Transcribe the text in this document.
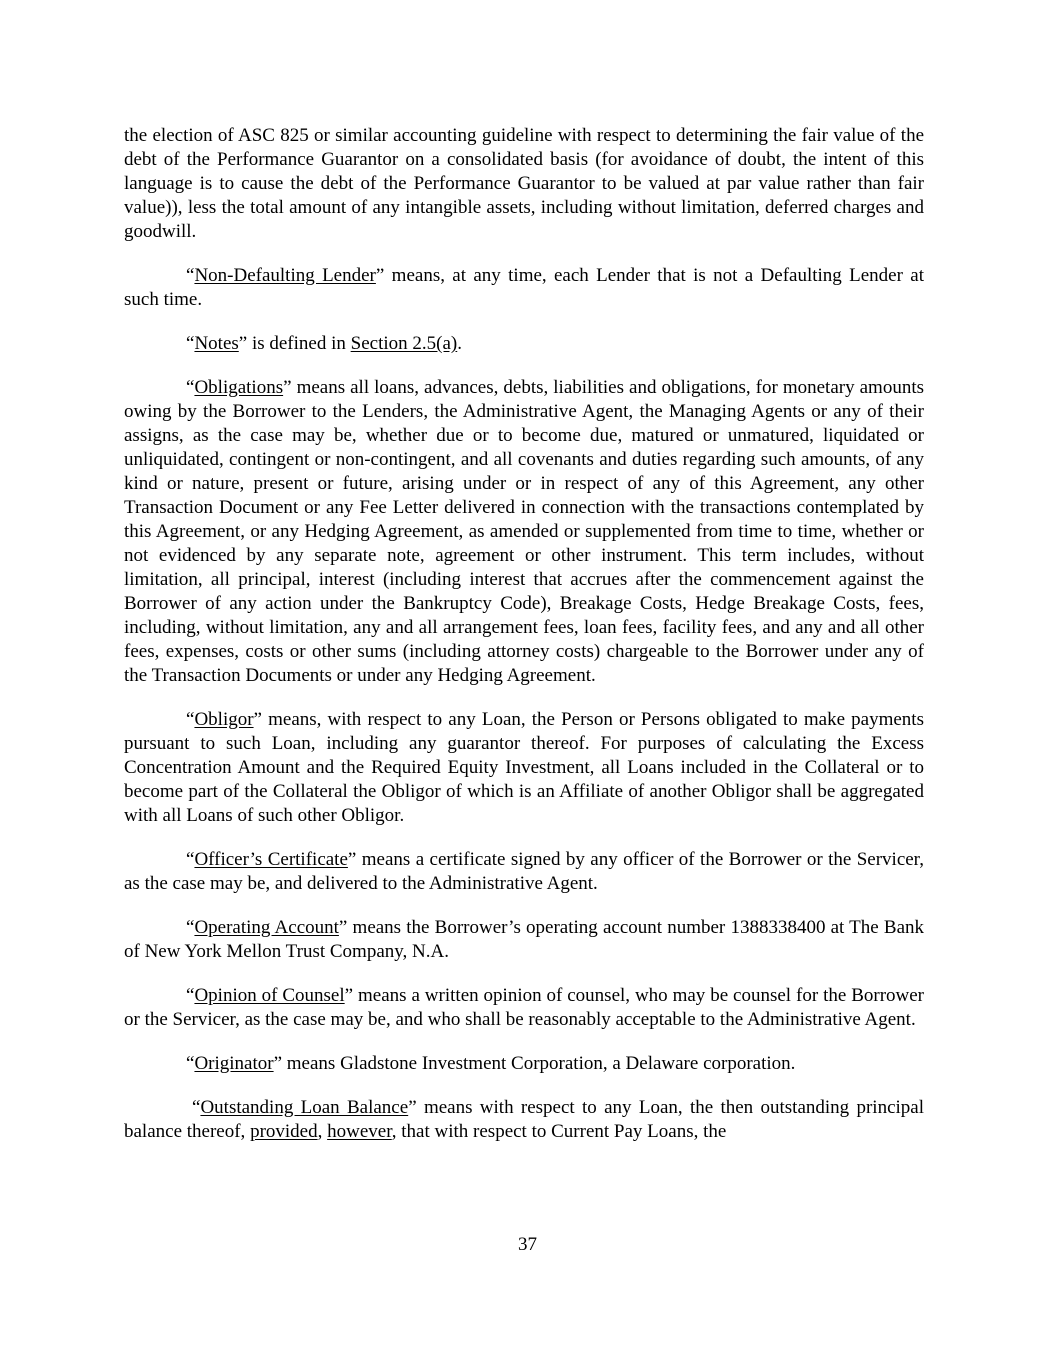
the election of ASC 825 or similar accounting guideline with respect to determining the fair value of the debt of the Performance Guarantor on a consolidated basis (for avoidance of doubt, the intent of this language is to cause the debt of the Performance Guarantor to be valued at par value rather than fair value)), less the total amount of any intangible assets, including without limitation, deferred charges and goodwill.

“Non-Defaulting Lender” means, at any time, each Lender that is not a Defaulting Lender at such time.

“Notes” is defined in Section 2.5(a).

“Obligations” means all loans, advances, debts, liabilities and obligations, for monetary amounts owing by the Borrower to the Lenders, the Administrative Agent, the Managing Agents or any of their assigns, as the case may be, whether due or to become due, matured or unmatured, liquidated or unliquidated, contingent or non-contingent, and all covenants and duties regarding such amounts, of any kind or nature, present or future, arising under or in respect of any of this Agreement, any other Transaction Document or any Fee Letter delivered in connection with the transactions contemplated by this Agreement, or any Hedging Agreement, as amended or supplemented from time to time, whether or not evidenced by any separate note, agreement or other instrument. This term includes, without limitation, all principal, interest (including interest that accrues after the commencement against the Borrower of any action under the Bankruptcy Code), Breakage Costs, Hedge Breakage Costs, fees, including, without limitation, any and all arrangement fees, loan fees, facility fees, and any and all other fees, expenses, costs or other sums (including attorney costs) chargeable to the Borrower under any of the Transaction Documents or under any Hedging Agreement.

“Obligor” means, with respect to any Loan, the Person or Persons obligated to make payments pursuant to such Loan, including any guarantor thereof. For purposes of calculating the Excess Concentration Amount and the Required Equity Investment, all Loans included in the Collateral or to become part of the Collateral the Obligor of which is an Affiliate of another Obligor shall be aggregated with all Loans of such other Obligor.

“Officer’s Certificate” means a certificate signed by any officer of the Borrower or the Servicer, as the case may be, and delivered to the Administrative Agent.

“Operating Account” means the Borrower’s operating account number 1388338400 at The Bank of New York Mellon Trust Company, N.A.

“Opinion of Counsel” means a written opinion of counsel, who may be counsel for the Borrower or the Servicer, as the case may be, and who shall be reasonably acceptable to the Administrative Agent.

“Originator” means Gladstone Investment Corporation, a Delaware corporation.

“Outstanding Loan Balance” means with respect to any Loan, the then outstanding principal balance thereof, provided, however, that with respect to Current Pay Loans, the

37
